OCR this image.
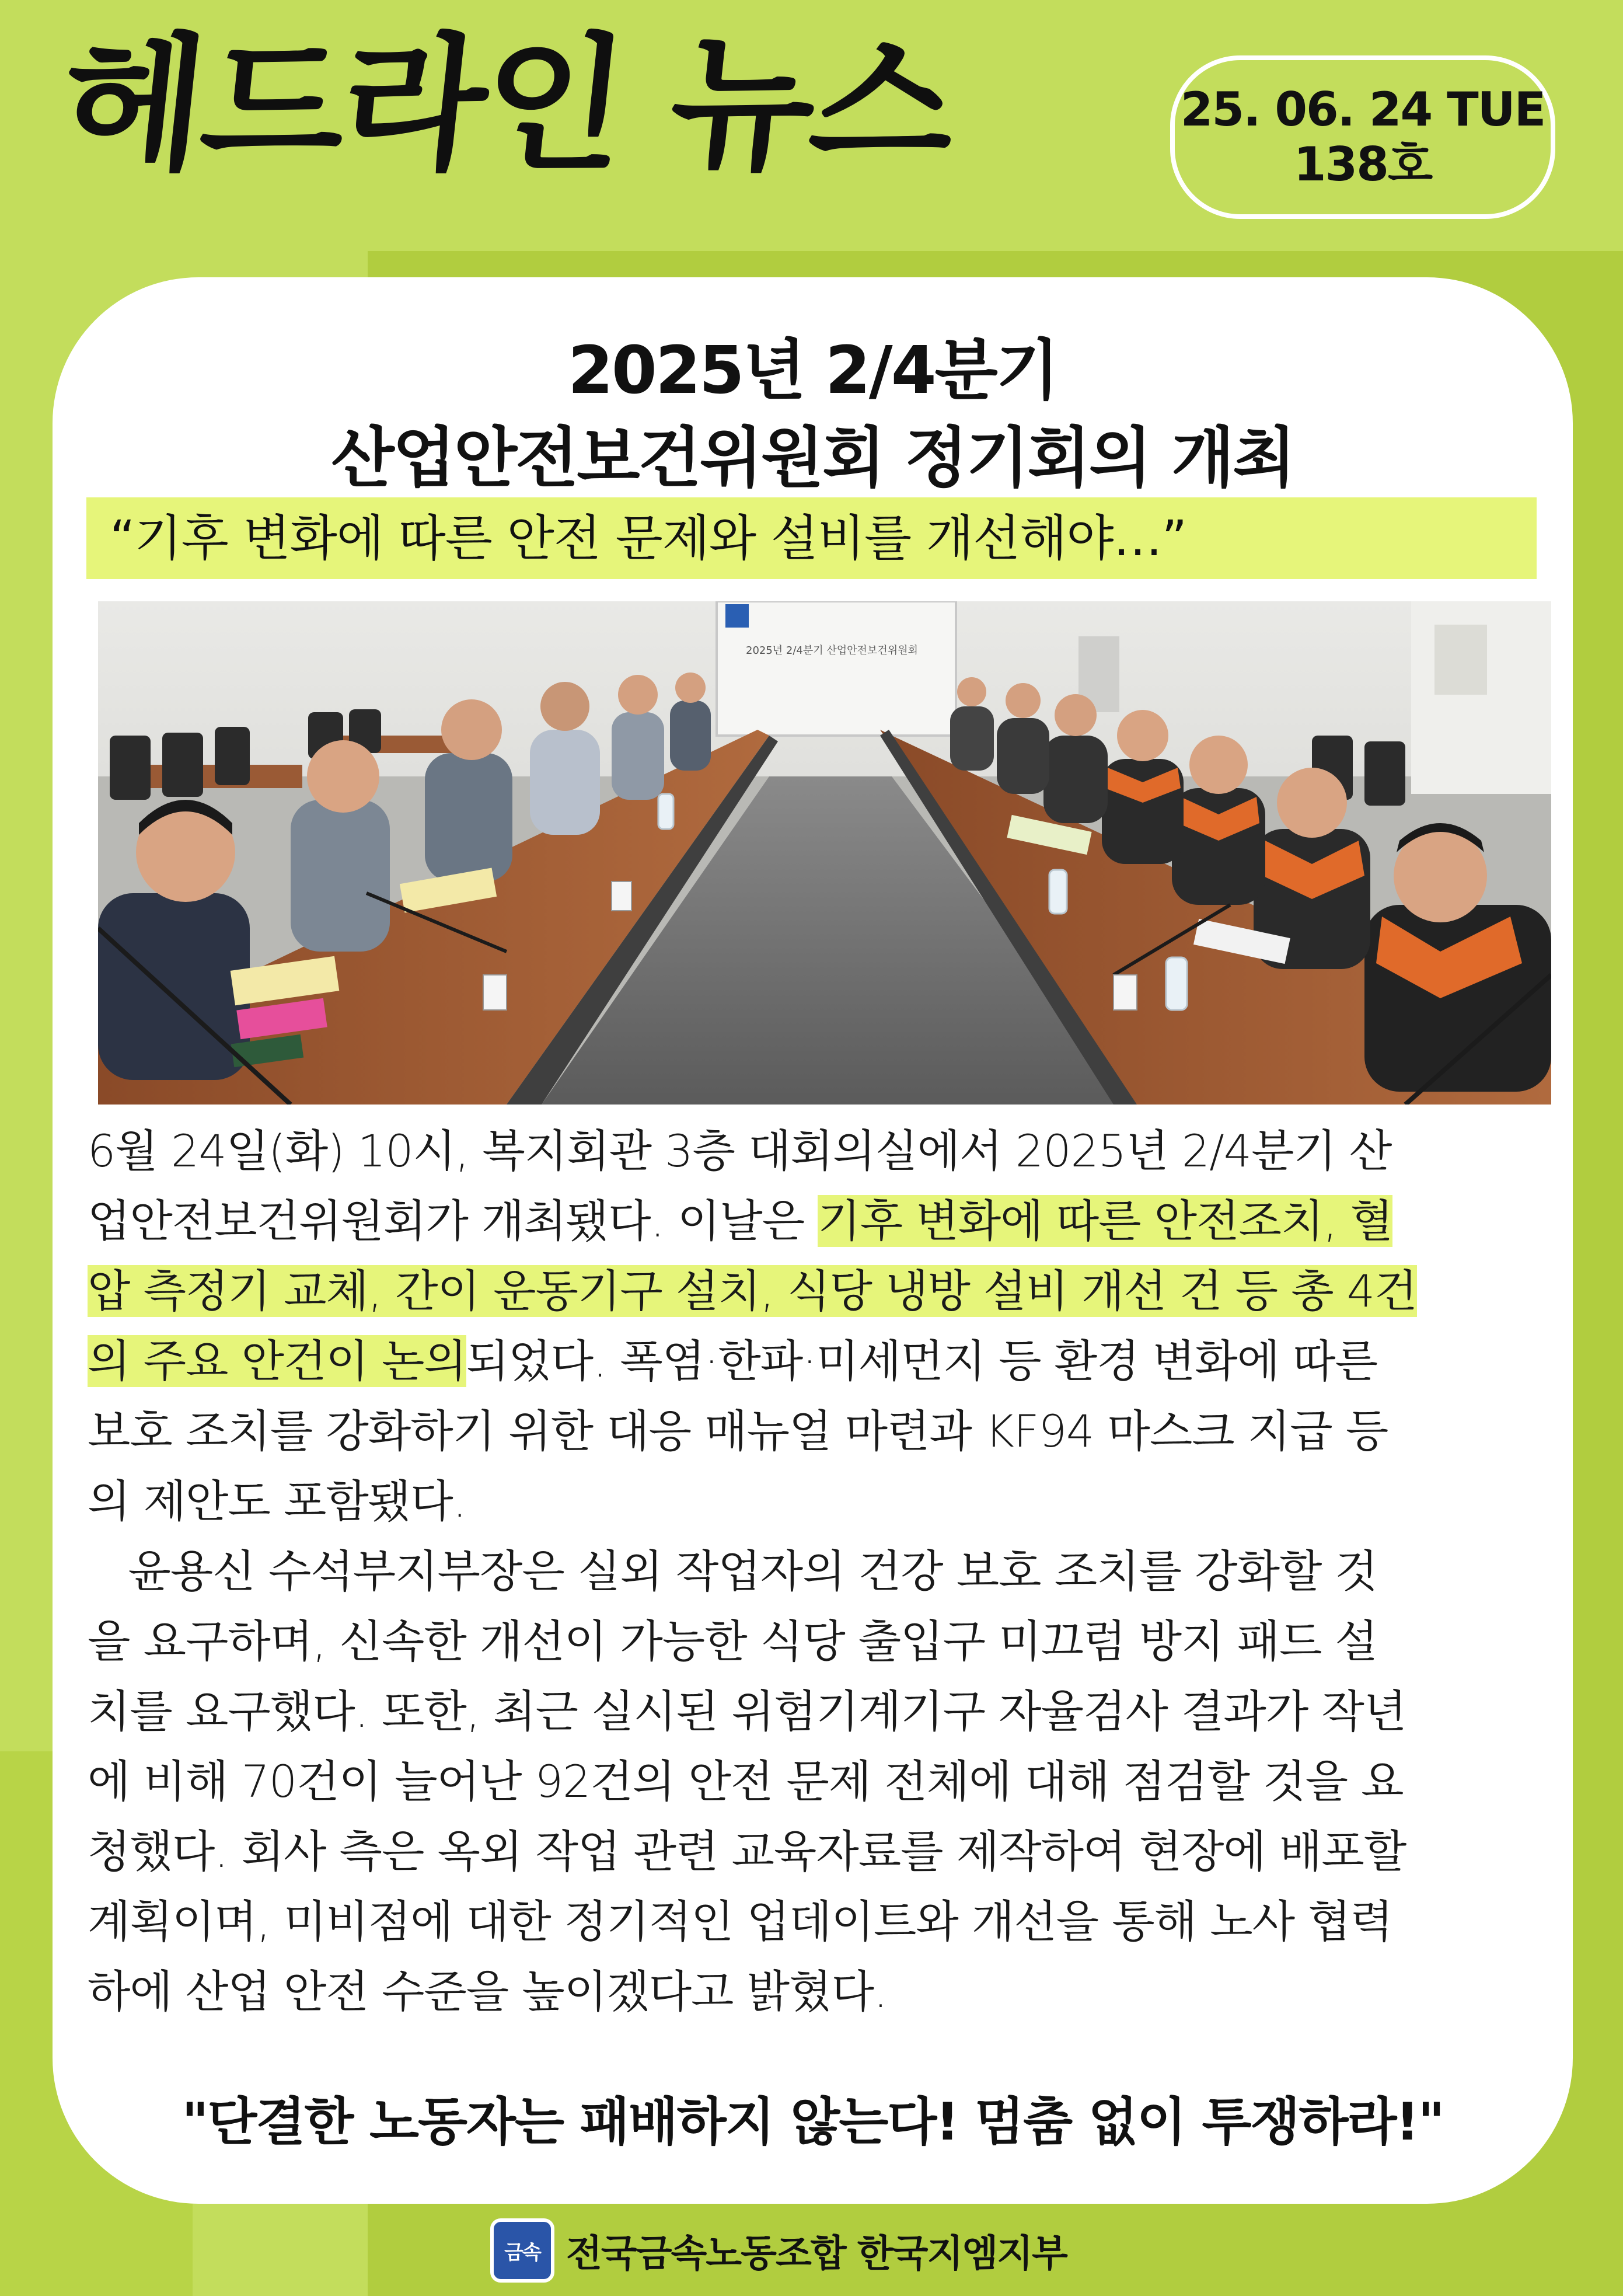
헤드라인 뉴스	25. 06. 24 TUE
138호
2025년 2/4분기
산업안전보건위원회 정기회의 개최
“기후 변화에 따른 안전 문제와 설비를 개선해야…”
2025년 2/4분기 산업안전보건위원회
6월 24일(화) 10시, 복지회관 3층 대회의실에서 2025년 2/4분기 산
업안전보건위원회가 개최됐다. 이날은 기후 변화에 따른 안전조치, 혈
압 측정기 교체, 간이 운동기구 설치, 식당 냉방 설비 개선 건 등 총 4건
의 주요 안건이 논의되었다. 폭염·한파·미세먼지 등 환경 변화에 따른
보호 조치를 강화하기 위한 대응 매뉴얼 마련과 KF94 마스크 지급 등
의 제안도 포함됐다.
윤용신 수석부지부장은 실외 작업자의 건강 보호 조치를 강화할 것
을 요구하며, 신속한 개선이 가능한 식당 출입구 미끄럼 방지 패드 설
치를 요구했다. 또한, 최근 실시된 위험기계기구 자율검사 결과가 작년
에 비해 70건이 늘어난 92건의 안전 문제 전체에 대해 점검할 것을 요
청했다. 회사 측은 옥외 작업 관련 교육자료를 제작하여 현장에 배포할
계획이며, 미비점에 대한 정기적인 업데이트와 개선을 통해 노사 협력
하에 산업 안전 수준을 높이겠다고 밝혔다.
"단결한 노동자는 패배하지 않는다! 멈춤 없이 투쟁하라!"
금속 전국금속노동조합 한국지엠지부
